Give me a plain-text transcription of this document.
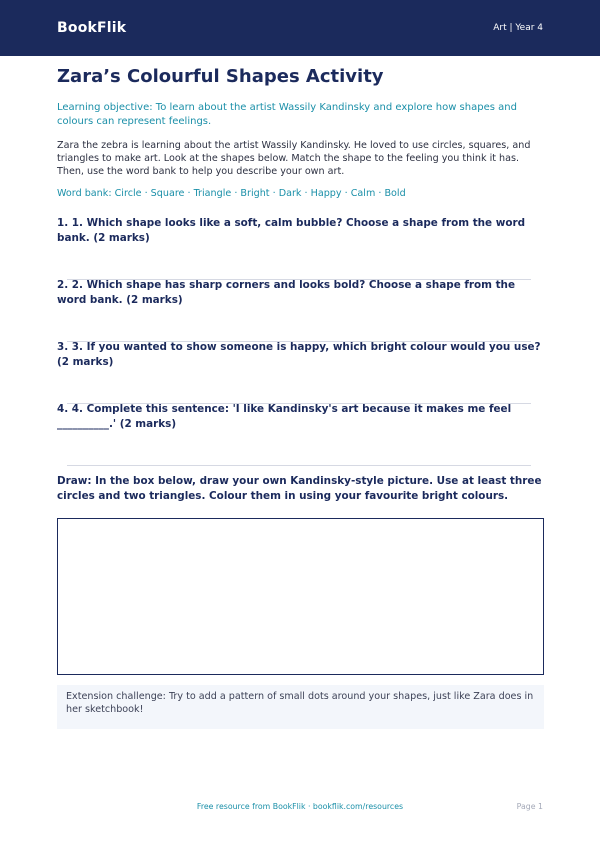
BookFlik	Art | Year 4
Zara’s Colourful Shapes Activity

Learning objective: To learn about the artist Wassily Kandinsky and explore how shapes and colours can represent feelings.

Zara the zebra is learning about the artist Wassily Kandinsky. He loved to use circles, squares, and triangles to make art. Look at the shapes below. Match the shape to the feeling you think it has. Then, use the word bank to help you describe your own art.

Word bank: Circle · Square · Triangle · Bright · Dark · Happy · Calm · Bold

1. 1. Which shape looks like a soft, calm bubble? Choose a shape from the word bank. (2 marks)

2. 2. Which shape has sharp corners and looks bold? Choose a shape from the word bank. (2 marks)

3. 3. If you wanted to show someone is happy, which bright colour would you use? (2 marks)

4. 4. Complete this sentence: 'I like Kandinsky's art because it makes me feel __________.' (2 marks)

Draw: In the box below, draw your own Kandinsky-style picture. Use at least three circles and two triangles. Colour them in using your favourite bright colours.

Extension challenge: Try to add a pattern of small dots around your shapes, just like Zara does in her sketchbook!
Free resource from BookFlik · bookflik.com/resources	Page 1
